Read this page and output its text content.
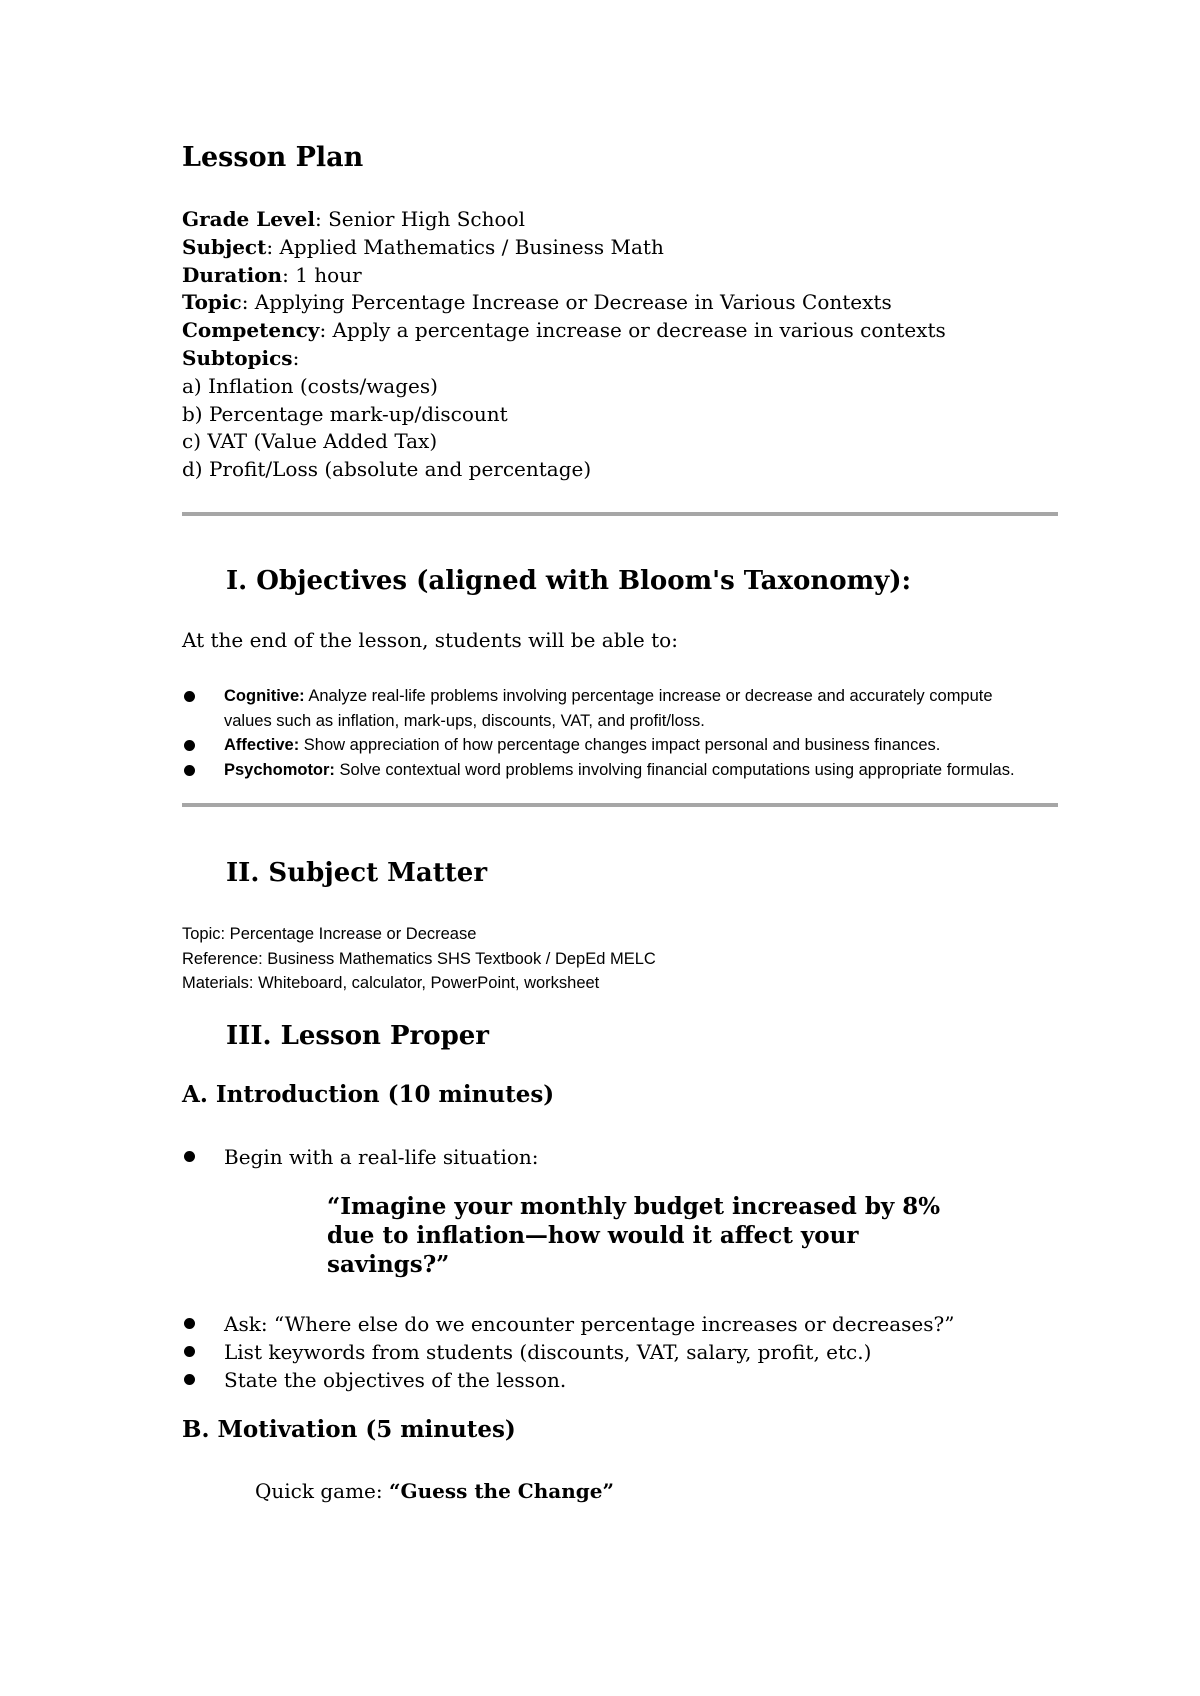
Lesson Plan
Grade Level: Senior High School
Subject: Applied Mathematics / Business Math
Duration: 1 hour
Topic: Applying Percentage Increase or Decrease in Various Contexts
Competency: Apply a percentage increase or decrease in various contexts
Subtopics:
a) Inflation (costs/wages)
b) Percentage mark-up/discount
c) VAT (Value Added Tax)
d) Profit/Loss (absolute and percentage)
I. Objectives (aligned with Bloom's Taxonomy):
At the end of the lesson, students will be able to:
Cognitive: Analyze real-life problems involving percentage increase or decrease and accurately compute values such as inflation, mark-ups, discounts, VAT, and profit/loss.
Affective: Show appreciation of how percentage changes impact personal and business finances.
Psychomotor: Solve contextual word problems involving financial computations using appropriate formulas.
II. Subject Matter
Topic: Percentage Increase or Decrease
Reference: Business Mathematics SHS Textbook / DepEd MELC
Materials: Whiteboard, calculator, PowerPoint, worksheet
III. Lesson Proper
A. Introduction (10 minutes)
Begin with a real-life situation:
“Imagine your monthly budget increased by 8% due to inflation—how would it affect your savings?”
Ask: “Where else do we encounter percentage increases or decreases?”
List keywords from students (discounts, VAT, salary, profit, etc.)
State the objectives of the lesson.
B. Motivation (5 minutes)
Quick game: “Guess the Change”
